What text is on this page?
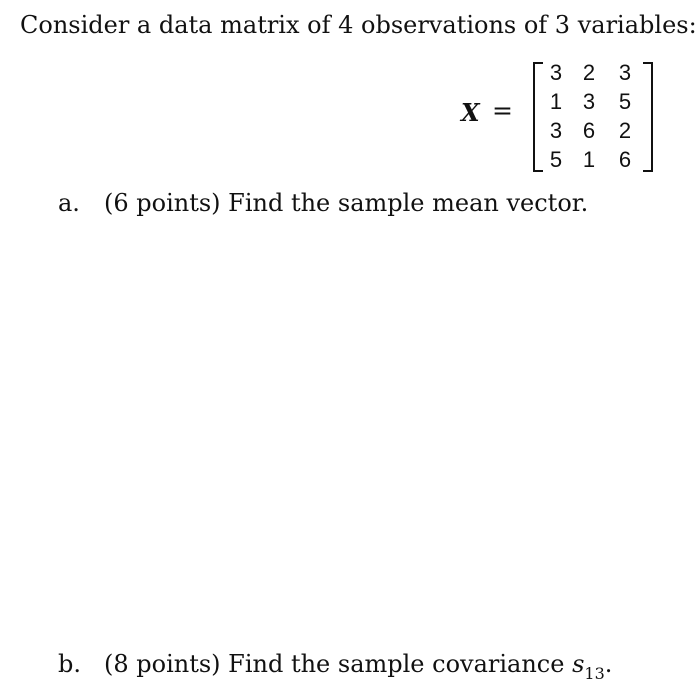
Consider a data matrix of 4 observations of 3 variables:
X =
3 2	3
1 3	5
3 6	2
5 1	6
a. (6 points) Find the sample mean vector.
b. (8 points) Find the sample covariance $s_{13}$.
